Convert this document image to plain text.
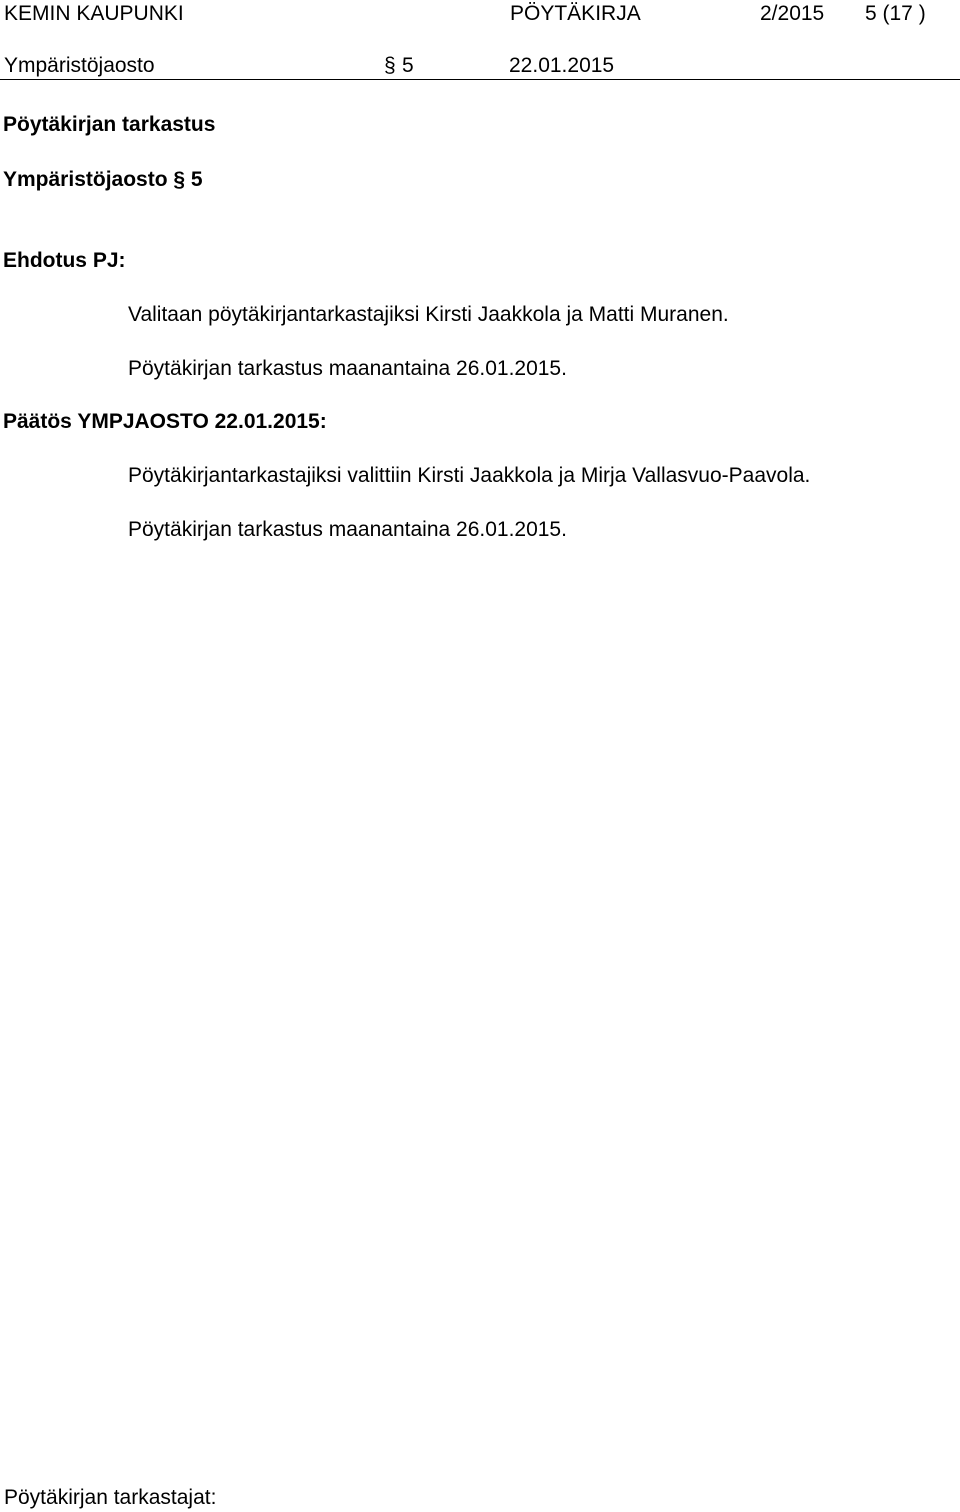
KEMIN KAUPUNKI	PÖYTÄKIRJA	2/2015 5 (17 )
Ympäristöjaosto	§ 5	22.01.2015
Pöytäkirjan tarkastus
Ympäristöjaosto § 5
Ehdotus PJ:
Valitaan pöytäkirjantarkastajiksi Kirsti Jaakkola ja Matti Muranen.
Pöytäkirjan tarkastus maanantaina 26.01.2015.
Päätös YMPJAOSTO 22.01.2015:
Pöytäkirjantarkastajiksi valittiin Kirsti Jaakkola ja Mirja Vallasvuo-Paavola.
Pöytäkirjan tarkastus maanantaina 26.01.2015.
Pöytäkirjan tarkastajat:
